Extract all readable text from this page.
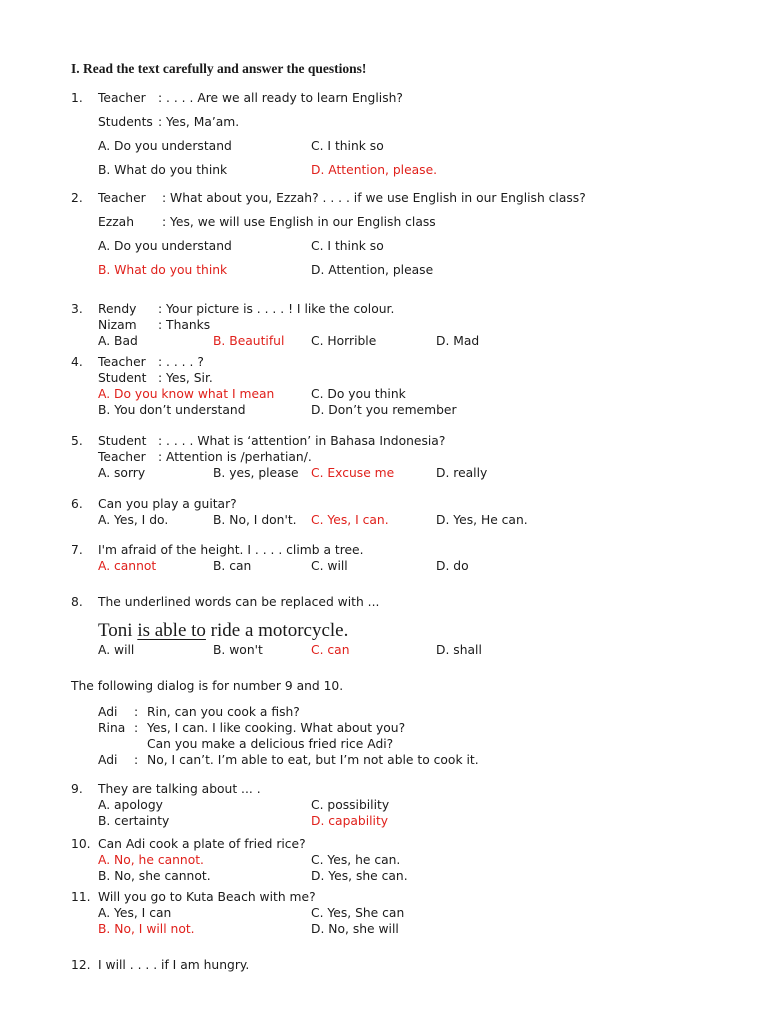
I. Read the text carefully and answer the questions!
1. Teacher : . . . . Are we all ready to learn English?
Students : Yes, Ma’am.
A. Do you understand	C. I think so
B. What do you think	D. Attention, please.
2. Teacher : What about you, Ezzah? . . . . if we use English in our English class?
Ezzah : Yes, we will use English in our English class
A. Do you understand	C. I think so
B. What do you think	D. Attention, please
3. Rendy : Your picture is . . . . ! I like the colour.
Nizam : Thanks
A. Bad	B. Beautiful C. Horrible	D. Mad
4. Teacher : . . . . ?
Student : Yes, Sir.
A. Do you know what I mean	C. Do you think
B. You don’t understand	D. Don’t you remember
5. Student : . . . . What is ‘attention’ in Bahasa Indonesia?
Teacher : Attention is /perhatian/.
A. sorry	B. yes, please C. Excuse me	D. really
6. Can you play a guitar?
A. Yes, I do.	B. No, I don't. C. Yes, I can.	D. Yes, He can.
7. I'm afraid of the height. I . . . . climb a tree.
A. cannot	B. can	C. will	D. do
8. The underlined words can be replaced with ...
Toni is able to ride a motorcycle.
A. will	B. won't	C. can	D. shall
The following dialog is for number 9 and 10.
Adi : Rin, can you cook a fish?
Rina : Yes, I can. I like cooking. What about you?
Can you make a delicious fried rice Adi?
Adi : No, I can’t. I’m able to eat, but I’m not able to cook it.
9. They are talking about ... .
A. apology	C. possibility
B. certainty	D. capability
10. Can Adi cook a plate of fried rice?
A. No, he cannot.	C. Yes, he can.
B. No, she cannot.	D. Yes, she can.
11. Will you go to Kuta Beach with me?
A. Yes, I can	C. Yes, She can
B. No, I will not.	D. No, she will
12. I will . . . . if I am hungry.
